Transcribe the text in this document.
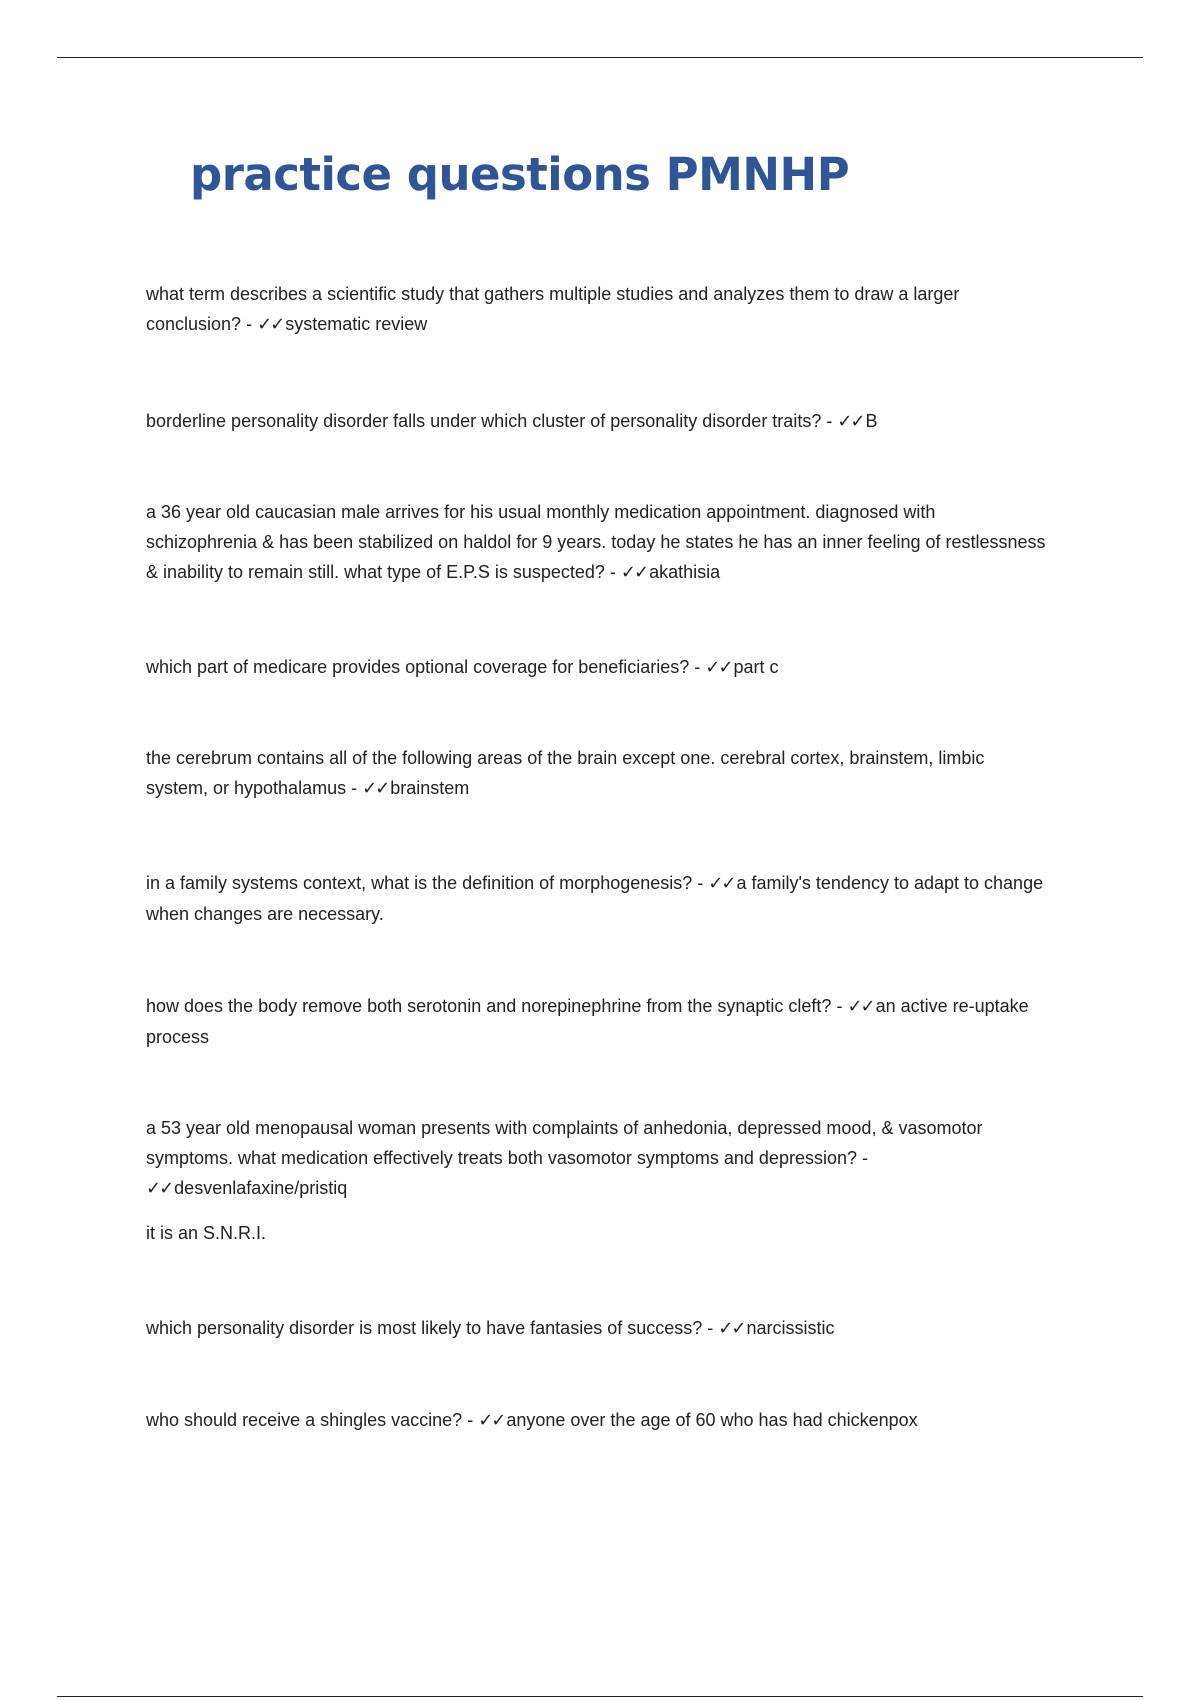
practice questions PMNHP

what term describes a scientific study that gathers multiple studies and analyzes them to draw a larger conclusion? - ✓✓ systematic review

borderline personality disorder falls under which cluster of personality disorder traits? - ✓✓ B

a 36 year old caucasian male arrives for his usual monthly medication appointment. diagnosed with schizophrenia & has been stabilized on haldol for 9 years. today he states he has an inner feeling of restlessness & inability to remain still. what type of E.P.S is suspected? - ✓✓ akathisia

which part of medicare provides optional coverage for beneficiaries? - ✓✓ part c

the cerebrum contains all of the following areas of the brain except one. cerebral cortex, brainstem, limbic system, or hypothalamus - ✓✓ brainstem

in a family systems context, what is the definition of morphogenesis? - ✓✓ a family's tendency to adapt to change when changes are necessary.

how does the body remove both serotonin and norepinephrine from the synaptic cleft? - ✓✓ an active re-uptake process

a 53 year old menopausal woman presents with complaints of anhedonia, depressed mood, & vasomotor symptoms. what medication effectively treats both vasomotor symptoms and depression? - ✓✓ desvenlafaxine/pristiq
it is an S.N.R.I.

which personality disorder is most likely to have fantasies of success? - ✓✓ narcissistic

who should receive a shingles vaccine? - ✓✓ anyone over the age of 60 who has had chickenpox
